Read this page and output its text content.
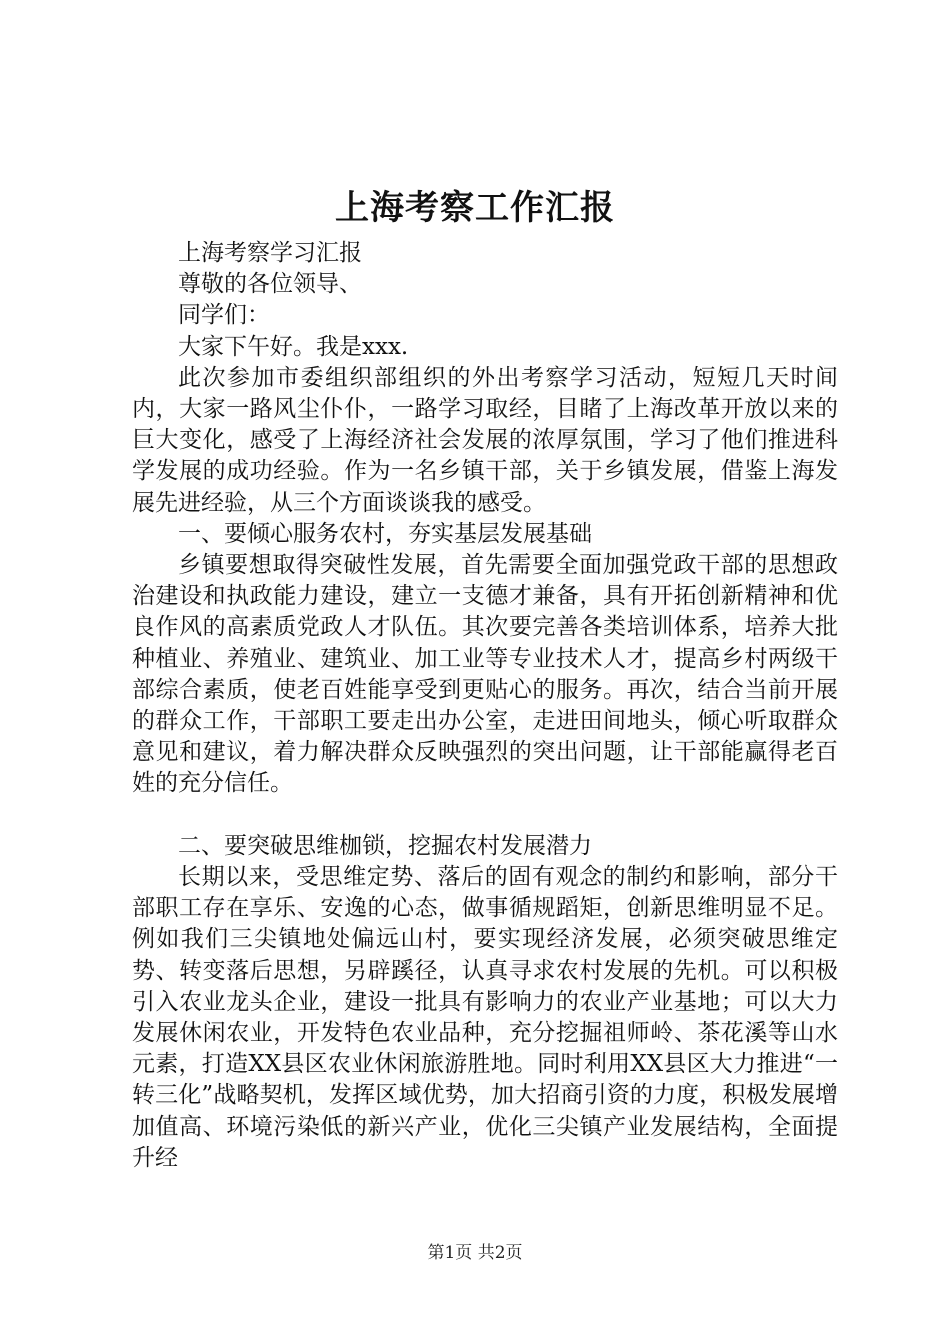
上海考察工作汇报

上海考察学习汇报

尊敬的各位领导、

同学们：

大家下午好。我是xxx.

此次参加市委组织部组织的外出考察学习活动，短短几天时间内，大家一路风尘仆仆，一路学习取经，目睹了上海改革开放以来的巨大变化，感受了上海经济社会发展的浓厚氛围，学习了他们推进科学发展的成功经验。作为一名乡镇干部，关于乡镇发展，借鉴上海发展先进经验，从三个方面谈谈我的感受。

一、要倾心服务农村，夯实基层发展基础

乡镇要想取得突破性发展，首先需要全面加强党政干部的思想政治建设和执政能力建设，建立一支德才兼备，具有开拓创新精神和优良作风的高素质党政人才队伍。其次要完善各类培训体系，培养大批种植业、养殖业、建筑业、加工业等专业技术人才，提高乡村两级干部综合素质，使老百姓能享受到更贴心的服务。再次，结合当前开展的群众工作，干部职工要走出办公室，走进田间地头，倾心听取群众意见和建议，着力解决群众反映强烈的突出问题，让干部能赢得老百姓的充分信任。

二、要突破思维枷锁，挖掘农村发展潜力

长期以来，受思维定势、落后的固有观念的制约和影响，部分干部职工存在享乐、安逸的心态，做事循规蹈矩，创新思维明显不足。例如我们三尖镇地处偏远山村，要实现经济发展，必须突破思维定势、转变落后思想，另辟蹊径，认真寻求农村发展的先机。可以积极引入农业龙头企业，建设一批具有影响力的农业产业基地；可以大力发展休闲农业，开发特色农业品种，充分挖掘祖师岭、茶花溪等山水元素，打造XX县区农业休闲旅游胜地。同时利用XX县区大力推进“一转三化”战略契机，发挥区域优势，加大招商引资的力度，积极发展增加值高、环境污染低的新兴产业，优化三尖镇产业发展结构，全面提升经

第1页 共2页
